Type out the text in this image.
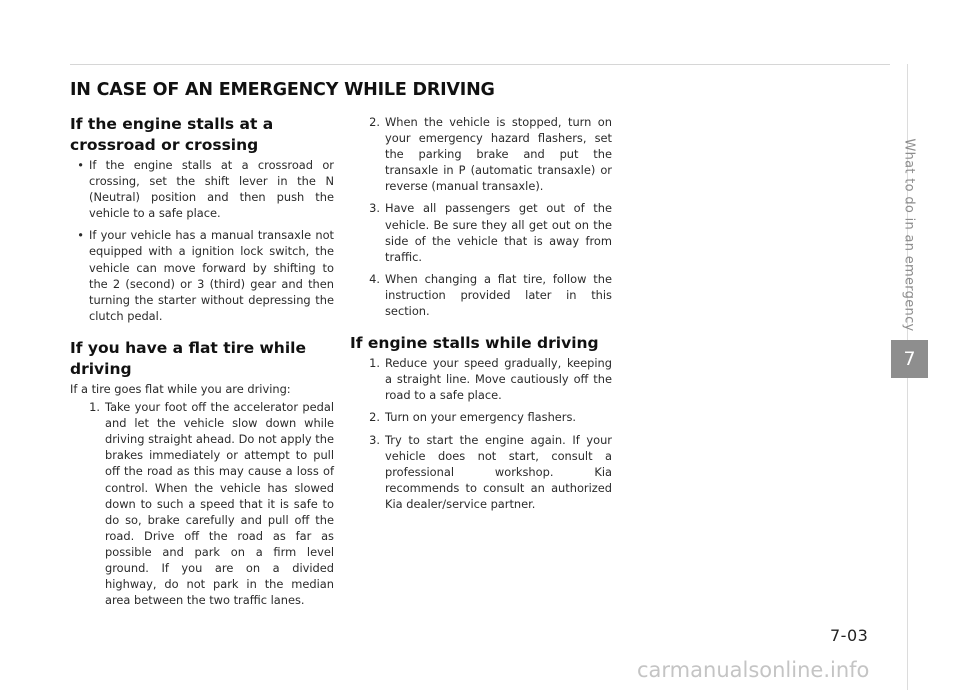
IN CASE OF AN EMERGENCY WHILE DRIVING
If the engine stalls at a crossroad or crossing
• If the engine stalls at a crossroad or crossing, set the shift lever in the N (Neutral) position and then push the vehicle to a safe place.

• If your vehicle has a manual transaxle not equipped with a ignition lock switch, the vehicle can move forward by shifting to the 2 (second) or 3 (third) gear and then turning the starter without depressing the clutch pedal.

If you have a flat tire while driving

If a tire goes flat while you are driving:

1. Take your foot off the accelerator pedal and let the vehicle slow down while driving straight ahead. Do not apply the brakes immediately or attempt to pull off the road as this may cause a loss of control. When the vehicle has slowed down to such a speed that it is safe to do so, brake carefully and pull off the road. Drive off the road as far as possible and park on a firm level ground. If you are on a divided highway, do not park in the median area between the two traffic lanes.

2. When the vehicle is stopped, turn on your emergency hazard flashers, set the parking brake and put the transaxle in P (automatic transaxle) or reverse (manual transaxle).

3. Have all passengers get out of the vehicle. Be sure they all get out on the side of the vehicle that is away from traffic.

4. When changing a flat tire, follow the instruction provided later in this section.

If engine stalls while driving
1. Reduce your speed gradually, keeping a straight line. Move cautiously off the road to a safe place.

2. Turn on your emergency flashers.

3. Try to start the engine again. If your vehicle does not start, consult a professional workshop. Kia recommends to consult an authorized Kia dealer/service partner.

What to do in an emergency
7
7-03
carmanualsonline.info
